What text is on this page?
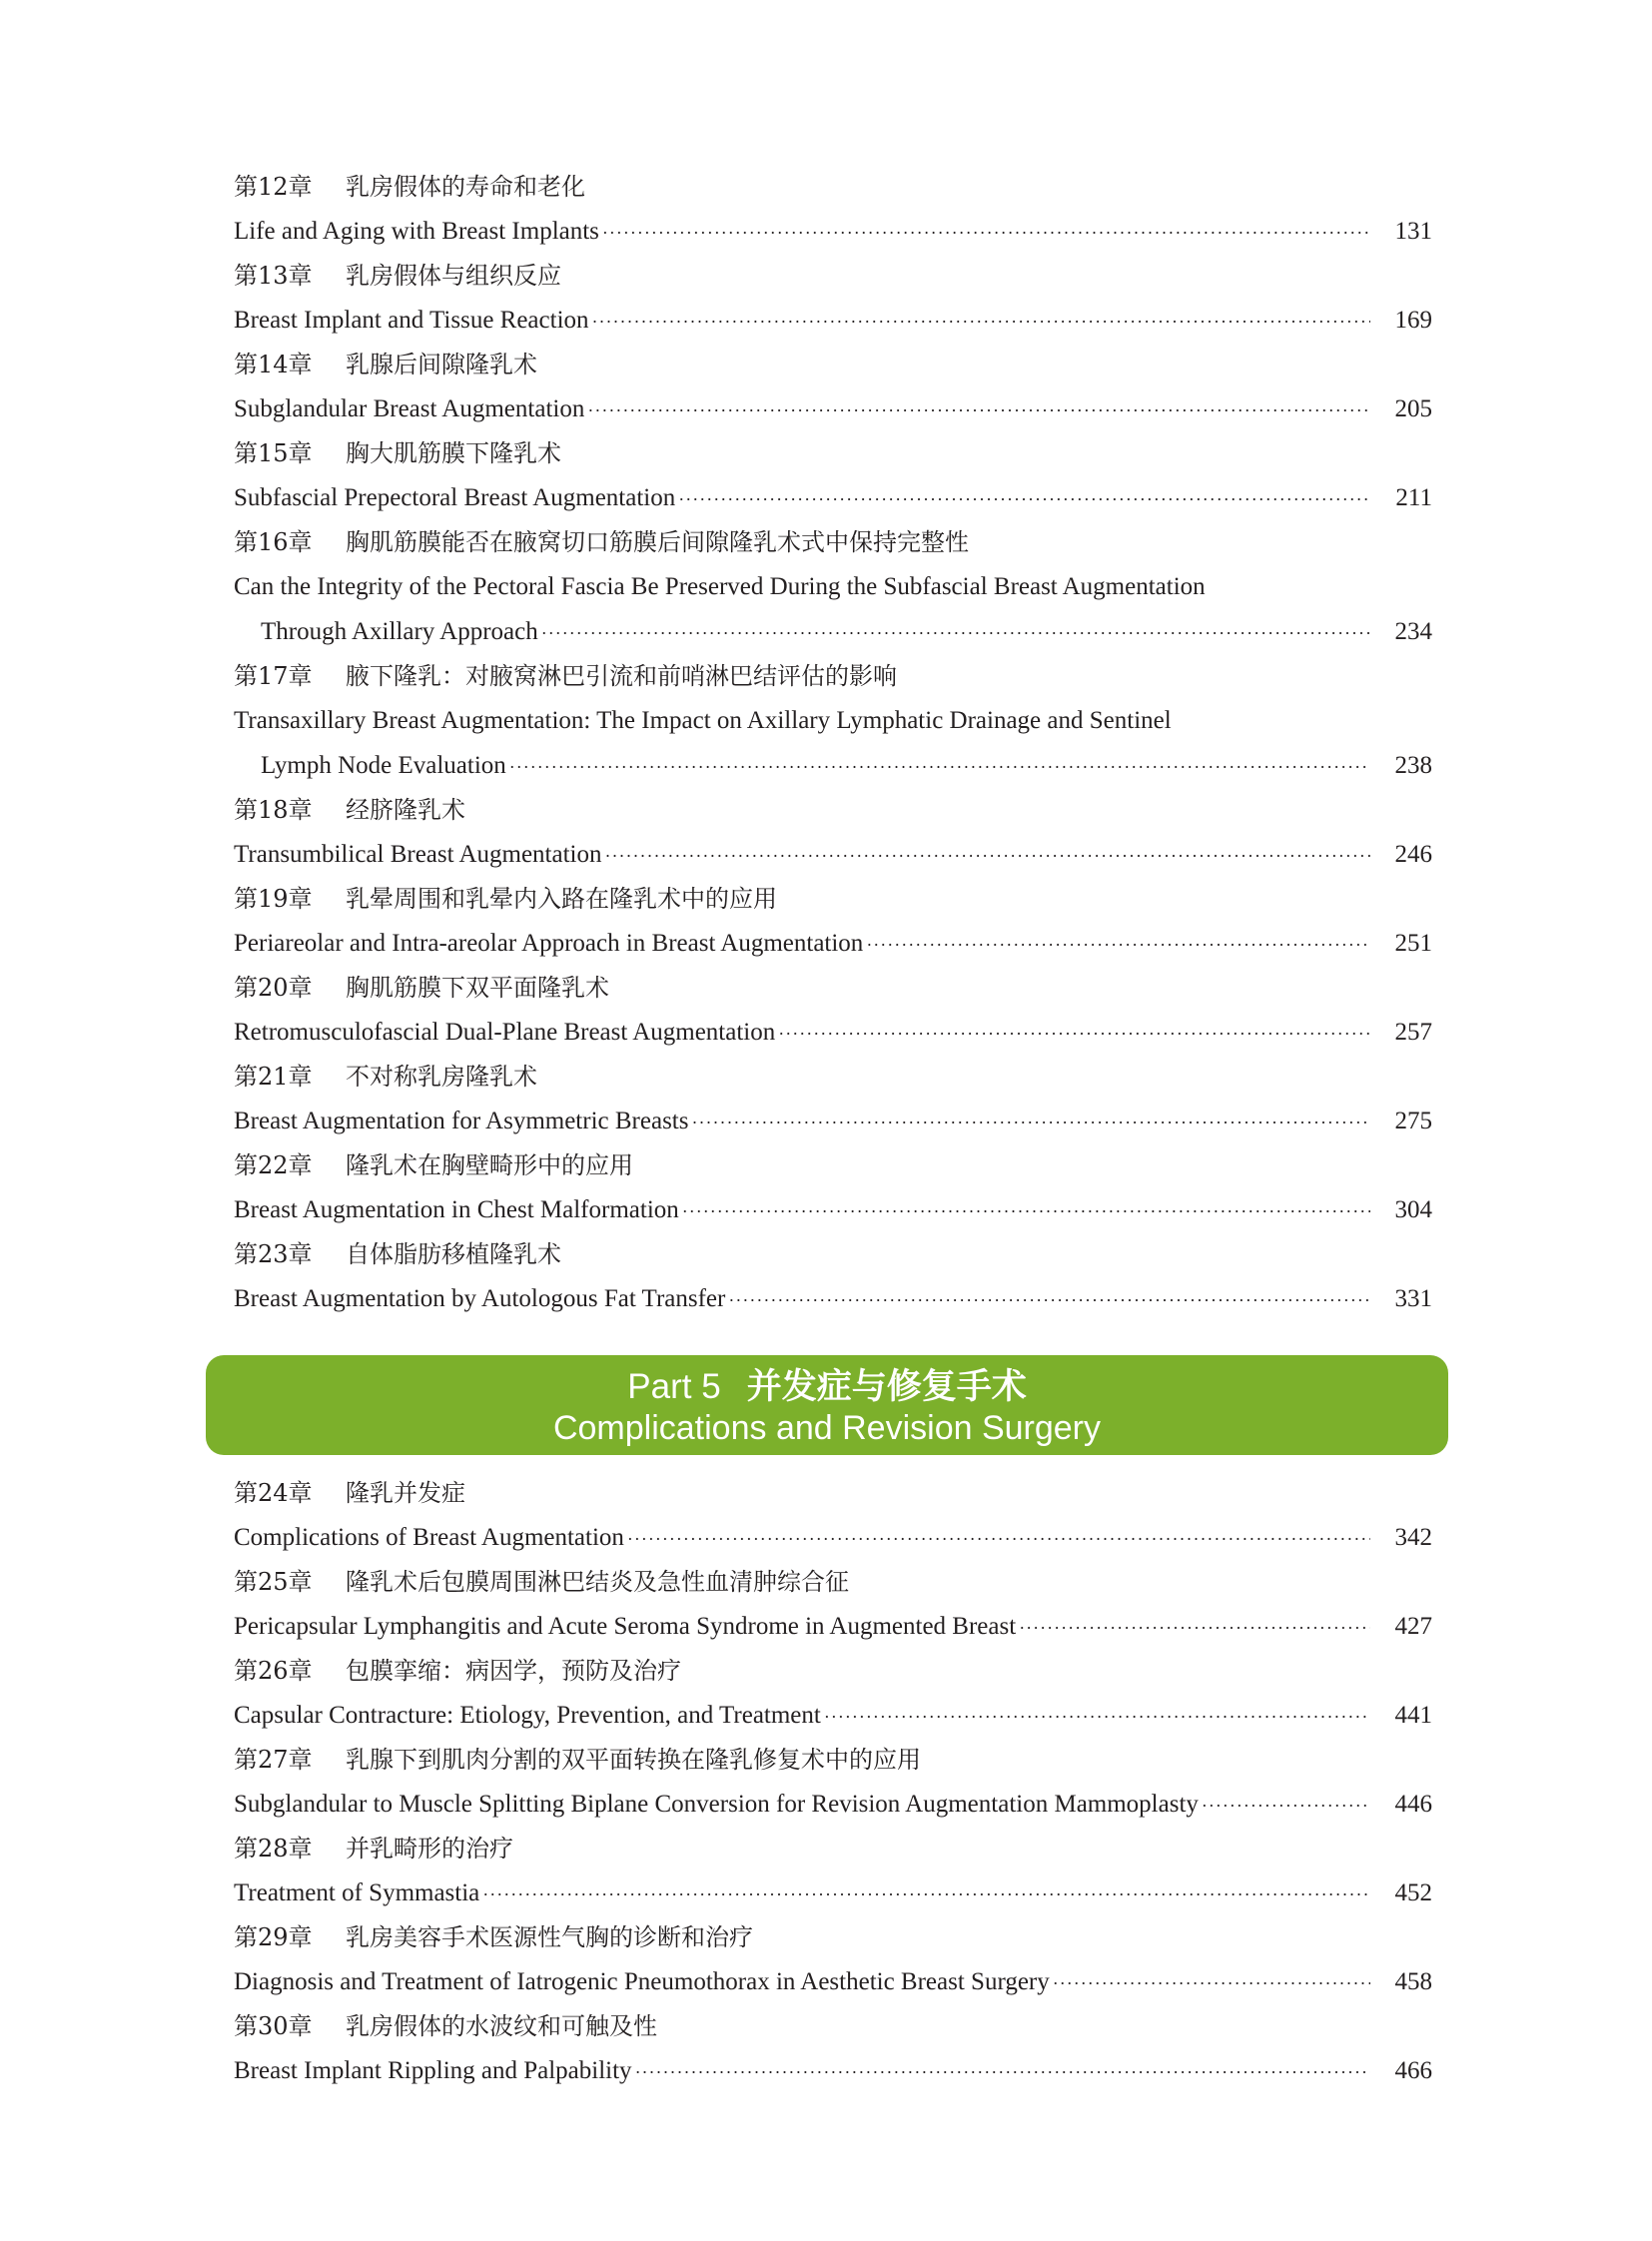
第12章 乳房假体的寿命和老化
Life and Aging with Breast Implants ·····	131
第13章 乳房假体与组织反应
Breast Implant and Tissue Reaction ·····	169
第14章 乳腺后间隙隆乳术
Subglandular Breast Augmentation ·····	205
第15章 胸大肌筋膜下隆乳术
Subfascial Prepectoral Breast Augmentation ·····	211
第16章 胸肌筋膜能否在腋窝切口筋膜后间隙隆乳术式中保持完整性
Can the Integrity of the Pectoral Fascia Be Preserved During the Subfascial Breast Augmentation
Through Axillary Approach ·····	234
第17章 腋下隆乳：对腋窝淋巴引流和前哨淋巴结评估的影响
Transaxillary Breast Augmentation: The Impact on Axillary Lymphatic Drainage and Sentinel
Lymph Node Evaluation ·····	238
第18章 经脐隆乳术
Transumbilical Breast Augmentation ·····	246
第19章 乳晕周围和乳晕内入路在隆乳术中的应用
Periareolar and Intra-areolar Approach in Breast Augmentation ·····	251
第20章 胸肌筋膜下双平面隆乳术
Retromusculofascial Dual-Plane Breast Augmentation ·····	257
第21章 不对称乳房隆乳术
Breast Augmentation for Asymmetric Breasts ·····	275
第22章 隆乳术在胸壁畸形中的应用
Breast Augmentation in Chest Malformation ·····	304
第23章 自体脂肪移植隆乳术
Breast Augmentation by Autologous Fat Transfer ·····	331
Part 5 并发症与修复手术
Complications and Revision Surgery
第24章 隆乳并发症
Complications of Breast Augmentation ·····	342
第25章 隆乳术后包膜周围淋巴结炎及急性血清肿综合征
Pericapsular Lymphangitis and Acute Seroma Syndrome in Augmented Breast ·····	427
第26章 包膜挛缩：病因学，预防及治疗
Capsular Contracture: Etiology, Prevention, and Treatment ·····	441
第27章 乳腺下到肌肉分割的双平面转换在隆乳修复术中的应用
Subglandular to Muscle Splitting Biplane Conversion for Revision Augmentation Mammoplasty ·····	446
第28章 并乳畸形的治疗
Treatment of Symmastia ·····	452
第29章 乳房美容手术医源性气胸的诊断和治疗
Diagnosis and Treatment of Iatrogenic Pneumothorax in Aesthetic Breast Surgery ·····	458
第30章 乳房假体的水波纹和可触及性
Breast Implant Rippling and Palpability ·····	466
